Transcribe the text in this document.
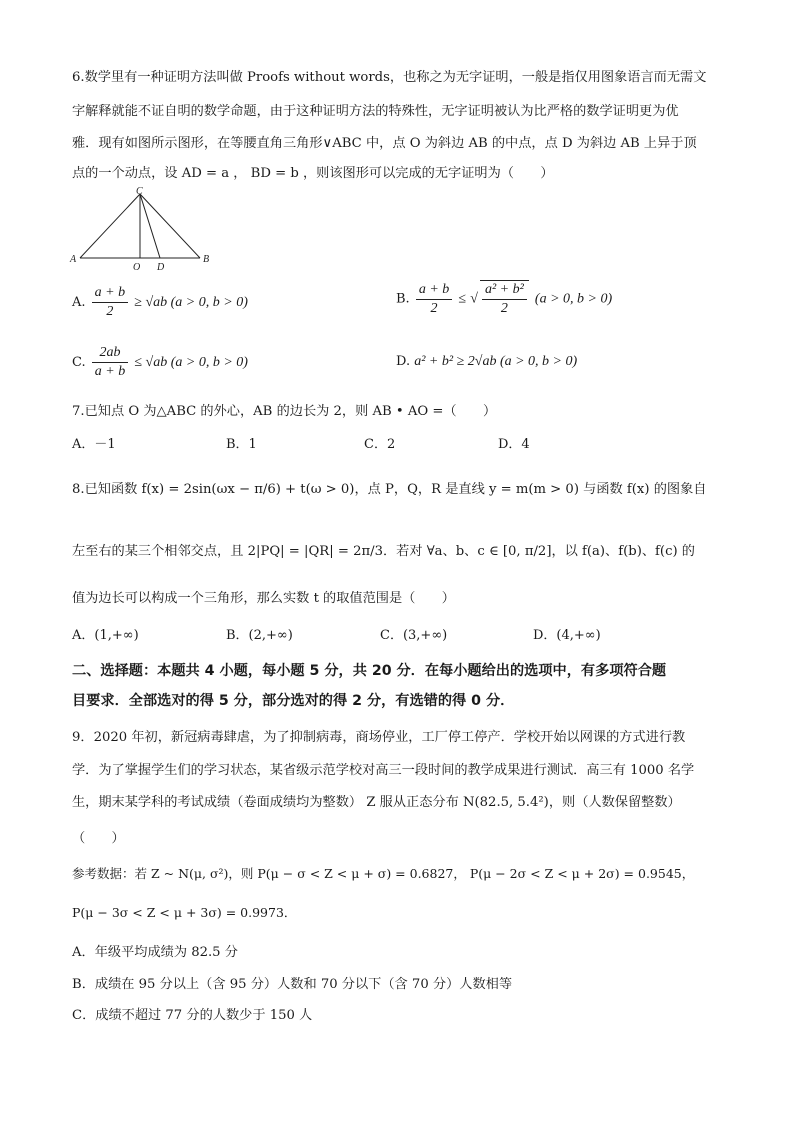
6.数学里有一种证明方法叫做 Proofs without words，也称之为无字证明，一般是指仅用图象语言而无需文
字解释就能不证自明的数学命题，由于这种证明方法的特殊性，无字证明被认为比严格的数学证明更为优
雅．现有如图所示图形，在等腰直角三角形∨ABC 中，点 O 为斜边 AB 的中点，点 D 为斜边 AB 上异于顶
点的一个动点，设 AD = a ， BD = b ，则该图形可以完成的无字证明为（　　）
A	B
C
O D
A. $\frac{a + b}{2} \ge √ab$ (a > 0, b > 0)	B. $\frac{a + b}{2}$ ≤ √ $\frac{\text{a² + b²}}{2} (a > 0$, b > 0)
C. $\frac{2ab}{a + b} \le √ab$ (a > 0, b > 0)	D. a² + b² ≥ 2√ab (a > 0, b > 0)
7.已知点 O 为△ABC 的外心，AB 的边长为 2，则 AB • AO =（　　）
A．－1	B．1	C．2	D．4
8.已知函数 f(x) = 2sin(ωx − π/6) + t(ω > 0)，点 P，Q，R 是直线 y = m(m > 0) 与函数 f(x) 的图象自
左至右的某三个相邻交点，且 2|PQ| = |QR| = 2π/3．若对 ∀a、b、c ∈ [0, π/2]，以 f(a)、f(b)、f(c) 的
值为边长可以构成一个三角形，那么实数 t 的取值范围是（　　）
A．(1,+∞)	B．(2,+∞)	C．(3,+∞)	D．(4,+∞)
二、选择题：本题共 4 小题，每小题 5 分，共 20 分．在每小题给出的选项中，有多项符合题
目要求．全部选对的得 5 分，部分选对的得 2 分，有选错的得 0 分．
9．2020 年初，新冠病毒肆虐，为了抑制病毒，商场停业，工厂停工停产．学校开始以网课的方式进行教
学．为了掌握学生们的学习状态，某省级示范学校对高三一段时间的教学成果进行测试．高三有 1000 名学
生，期末某学科的考试成绩（卷面成绩均为整数） Z 服从正态分布 N(82.5, 5.4²)，则（人数保留整数）
（　　）
参考数据：若 Z ~ N(μ, σ²)，则 P(μ − σ < Z < μ + σ) = 0.6827， P(μ − 2σ < Z < μ + 2σ) = 0.9545，
P(μ − 3σ < Z < μ + 3σ) = 0.9973．
A．年级平均成绩为 82.5 分
B．成绩在 95 分以上（含 95 分）人数和 70 分以下（含 70 分）人数相等
C．成绩不超过 77 分的人数少于 150 人
